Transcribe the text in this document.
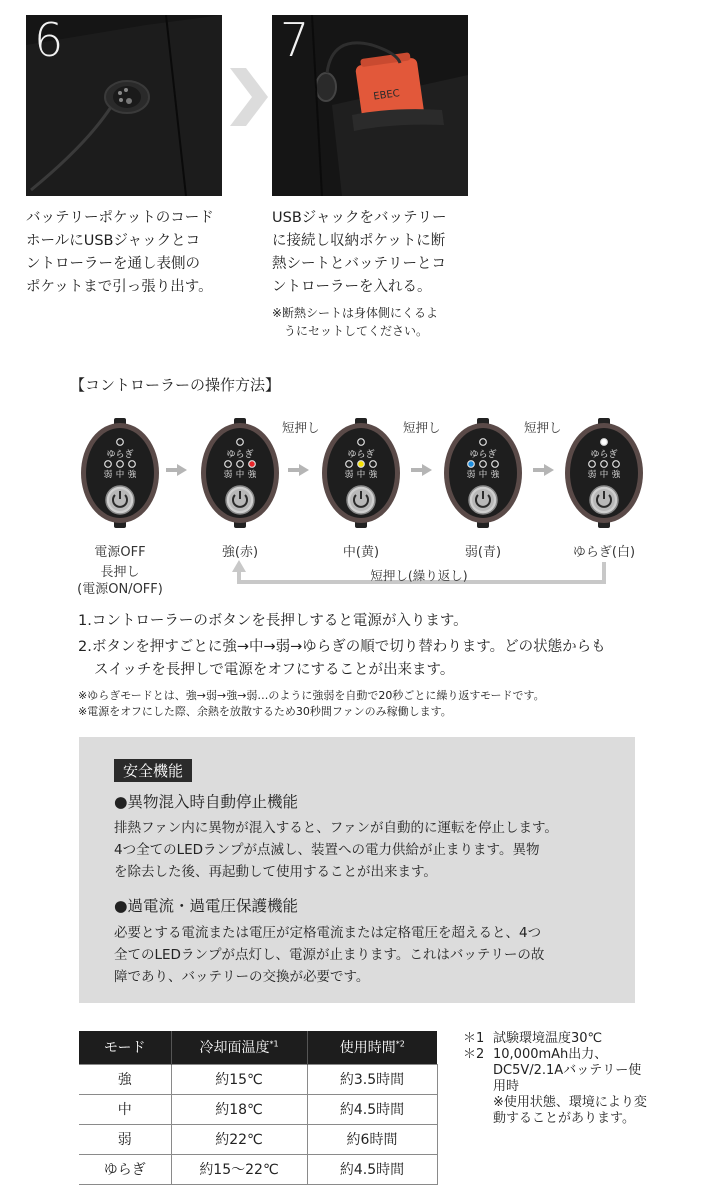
6
EBEC
7
バッテリーポケットのコード
ホールにUSBジャックとコ
ントローラーを通し表側の
ポケットまで引っ張り出す。
USBジャックをバッテリー
に接続し収納ポケットに断
熱シートとバッテリーとコ
ントローラーを入れる。
※断熱シートは身体側にくるよ
　うにセットしてください。
【コントローラーの操作方法】
短押し	短押し	短押し
ゆらぎ
弱 中 強
ゆらぎ
弱 中 強
ゆらぎ
弱 中 強
ゆらぎ
弱 中 強
ゆらぎ
弱 中 強
電源OFF	強(赤)	中(黄)	弱(青)	ゆらぎ(白)
長押し
(電源ON/OFF)
短押し(繰り返し)
1.コントローラーのボタンを長押しすると電源が入ります。
2.ボタンを押すごとに強→中→弱→ゆらぎの順で切り替わります。どの状態からも
スイッチを長押しで電源をオフにすることが出来ます。
※ゆらぎモードとは、強→弱→強→弱…のように強弱を自動で20秒ごとに繰り返すモードです。
※電源をオフにした際、余熱を放散するため30秒間ファンのみ稼働します。
安全機能
●異物混入時自動停止機能
排熱ファン内に異物が混入すると、ファンが自動的に運転を停止します。
4つ全てのLEDランプが点滅し、装置への電力供給が止まります。異物
を除去した後、再起動して使用することが出来ます。
●過電流・過電圧保護機能
必要とする電流または電圧が定格電流または定格電圧を超えると、4つ
全てのLEDランプが点灯し、電源が止まります。これはバッテリーの故
障であり、バッテリーの交換が必要です。
モード	冷却面温度$^{*1}$	使用時間$^{*2}$
強	約15℃	約3.5時間
中	約18℃	約4.5時間
弱	約22℃	約6時間
ゆらぎ	約15～22℃	約4.5時間
＊1 試験環境温度30℃
＊2 10,000mAh出力、DC5V/2.1Aバッテリー使用時
※使用状態、環境により変動することがあります。
